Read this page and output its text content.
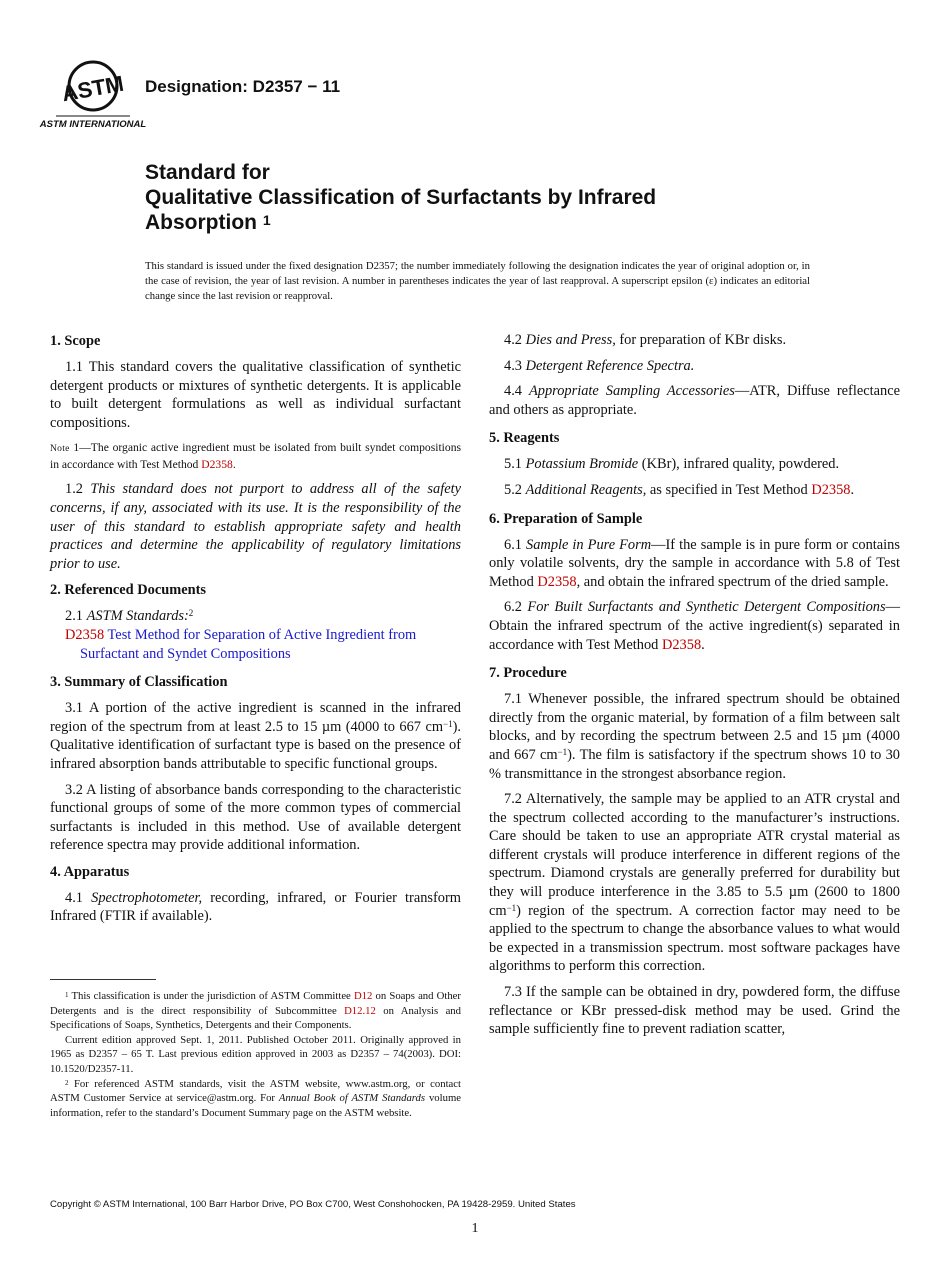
ASTM
ASTM INTERNATIONAL
Designation: D2357 − 11
Standard for
Qualitative Classification of Surfactants by Infrared
Absorption $^1$
This standard is issued under the fixed designation D2357; the number immediately following the designation indicates the year of original adoption or, in the case of revision, the year of last revision. A number in parentheses indicates the year of last reapproval. A superscript epsilon (ε) indicates an editorial change since the last revision or reapproval.
1. Scope

1.1 This standard covers the qualitative classification of synthetic detergent products or mixtures of synthetic detergents. It is applicable to built detergent formulations as well as individual surfactant compositions.

Note 1—The organic active ingredient must be isolated from built syndet compositions in accordance with Test Method D2358.

1.2 This standard does not purport to address all of the safety concerns, if any, associated with its use. It is the responsibility of the user of this standard to establish appropriate safety and health practices and determine the applicability of regulatory limitations prior to use.

2. Referenced Documents

2.1 ASTM Standards:$^2$

D2358 Test Method for Separation of Active Ingredient from Surfactant and Syndet Compositions

3. Summary of Classification

3.1 A portion of the active ingredient is scanned in the infrared region of the spectrum from at least 2.5 to 15 µm (4000 to 667 $cm^{-1}$). Qualitative identification of surfactant type is based on the presence of infrared absorption bands attributable to specific functional groups.

3.2 A listing of absorbance bands corresponding to the characteristic functional groups of some of the more common types of commercial surfactants is included in this method. Use of available detergent reference spectra may provide additional information.

4. Apparatus

4.1 Spectrophotometer, recording, infrared, or Fourier transform Infrared (FTIR if available).

$^1$ This classification is under the jurisdiction of ASTM Committee D12 on Soaps and Other Detergents and is the direct responsibility of Subcommittee D12.12 on Analysis and Specifications of Soaps, Synthetics, Detergents and their Components.

Current edition approved Sept. 1, 2011. Published October 2011. Originally approved in 1965 as D2357 – 65 T. Last previous edition approved in 2003 as D2357 – 74(2003). DOI: 10.1520/D2357-11.

$^2$ For referenced ASTM standards, visit the ASTM website, www.astm.org, or contact ASTM Customer Service at service@astm.org. For Annual Book of ASTM Standards volume information, refer to the standard’s Document Summary page on the ASTM website.

4.2 Dies and Press, for preparation of KBr disks.

4.3 Detergent Reference Spectra.

4.4 Appropriate Sampling Accessories—ATR, Diffuse reflectance and others as appropriate.

5. Reagents

5.1 Potassium Bromide (KBr), infrared quality, powdered.

5.2 Additional Reagents, as specified in Test Method D2358.

6. Preparation of Sample

6.1 Sample in Pure Form—If the sample is in pure form or contains only volatile solvents, dry the sample in accordance with 5.8 of Test Method D2358, and obtain the infrared spectrum of the dried sample.

6.2 For Built Surfactants and Synthetic Detergent Compositions—Obtain the infrared spectrum of the active ingredient(s) separated in accordance with Test Method D2358.

7. Procedure

7.1 Whenever possible, the infrared spectrum should be obtained directly from the organic material, by formation of a film between salt blocks, and by recording the spectrum between 2.5 and 15 µm (4000 and 667 $cm^{-1}$). The film is satisfactory if the spectrum shows 10 to 30 % transmittance in the strongest absorbance region.

7.2 Alternatively, the sample may be applied to an ATR crystal and the spectrum collected according to the manufacturer’s instructions. Care should be taken to use an appropriate ATR crystal material as different crystals will produce interference in different regions of the spectrum. Diamond crystals are generally preferred for durability but they will produce interference in the 3.85 to 5.5 µm (2600 to 1800 $cm^{-1}$) region of the spectrum. A correction factor may need to be applied to the spectrum to change the absorbance values to what would be expected in a transmission spectrum. most software packages have algorithms to perform this correction.

7.3 If the sample can be obtained in dry, powdered form, the diffuse reflectance or KBr pressed-disk method may be used. Grind the sample sufficiently fine to prevent radiation scatter,

Copyright © ASTM International, 100 Barr Harbor Drive, PO Box C700, West Conshohocken, PA 19428-2959. United States
1
